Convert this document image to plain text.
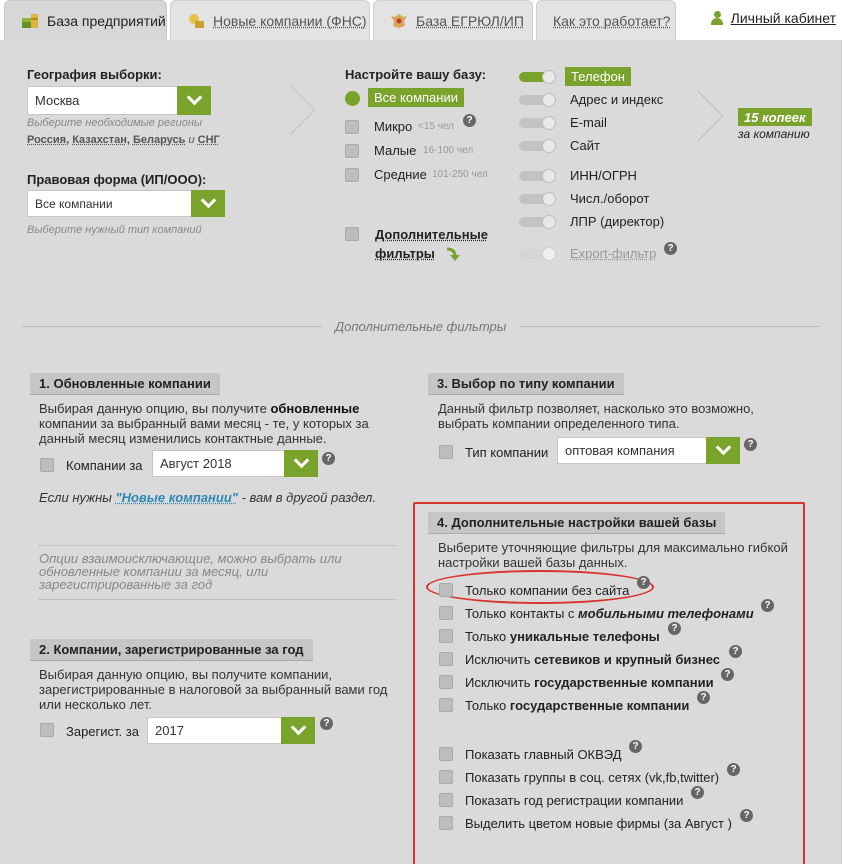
База предприятий	Новые компании (ФНС)	База ЕГРЮЛ/ИП Как это работает?	Личный кабинет
География выборки:
Москва
Выберите необходимые регионы
Россия, Казахстан, Беларусь и СНГ
Правовая форма (ИП/ООО):
Все компании
Выберите нужный тип компаний
Настройте вашу базу:
Все компании
Микро <15 чел
?
Малые 16-100 чел
Средние 101-250 чел
Дополнительные
фильтры
Телефон
Адрес и индекс
E-mail
Сайт
ИНН/ОГРН
Числ./оборот
ЛПР (директор)
Export-фильтр	?
15 копеек
за компанию
Дополнительные фильтры
1. Обновленные компании
Выбирая данную опцию, вы получите обновленные
компании за выбранный вами месяц - те, у которых за
данный месяц изменились контактные данные.
Компании за Август 2018	?
Если нужны "Новые компании" - вам в другой раздел.
Опции взаимоисключающие, можно выбрать или
обновленные компании за месяц, или
зарегистрированные за год
2. Компании, зарегистрированные за год
Выбирая данную опцию, вы получите компании,
зарегистрированные в налоговой за выбранный вами год
или несколько лет.
Зарегист. за 2017	?
3. Выбор по типу компании
Данный фильтр позволяет, насколько это возможно,
выбрать компании определенного типа.
Тип компании оптовая компания	?
4. Дополнительные настройки вашей базы
Выберите уточняющие фильтры для максимально гибкой
настройки вашей базы данных.
Только компании без сайта
?
Только контакты с мобильными телефонами
?
Только уникальные телефоны
?
Исключить сетевиков и крупный бизнес
?
Исключить государственные компании
?
Только государственные компании
?
Показать главный ОКВЭД
?
Показать группы в соц. сетях (vk,fb,twitter)
?
Показать год регистрации компании
?
Выделить цветом новые фирмы (за Август )
?
